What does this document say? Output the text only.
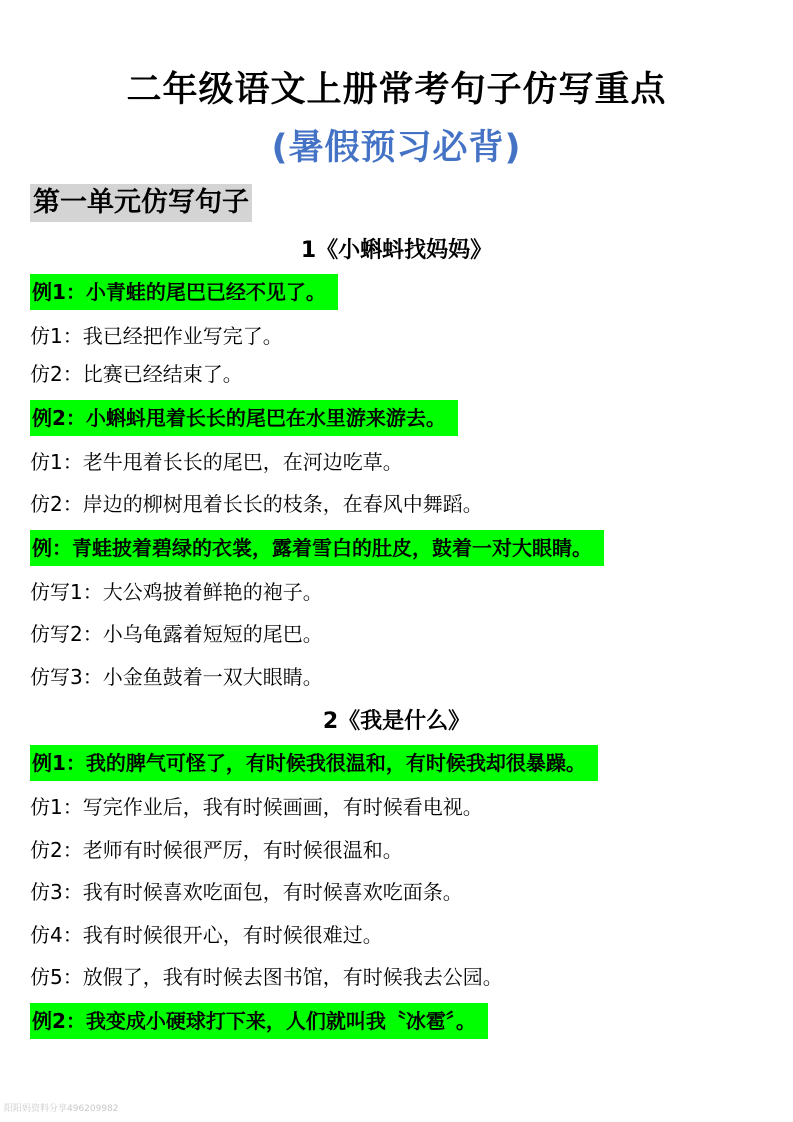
二年级语文上册常考句子仿写重点
(暑假预习必背)
第一单元仿写句子
1《小蝌蚪找妈妈》
例1：小青蛙的尾巴已经不见了。
仿1：我已经把作业写完了。
仿2：比赛已经结束了。
例2：小蝌蚪甩着长长的尾巴在水里游来游去。
仿1：老牛甩着长长的尾巴，在河边吃草。
仿2：岸边的柳树甩着长长的枝条，在春风中舞蹈。
例：青蛙披着碧绿的衣裳，露着雪白的肚皮，鼓着一对大眼睛。
仿写1：大公鸡披着鲜艳的袍子。
仿写2：小乌龟露着短短的尾巴。
仿写3：小金鱼鼓着一双大眼睛。
2《我是什么》
例1：我的脾气可怪了，有时候我很温和，有时候我却很暴躁。
仿1：写完作业后，我有时候画画，有时候看电视。
仿2：老师有时候很严厉，有时候很温和。
仿3：我有时候喜欢吃面包，有时候喜欢吃面条。
仿4：我有时候很开心，有时候很难过。
仿5：放假了，我有时候去图书馆，有时候我去公园。
例2：我变成小硬球打下来，人们就叫我〝冰雹〞。
阳阳妈资料分享496209982
